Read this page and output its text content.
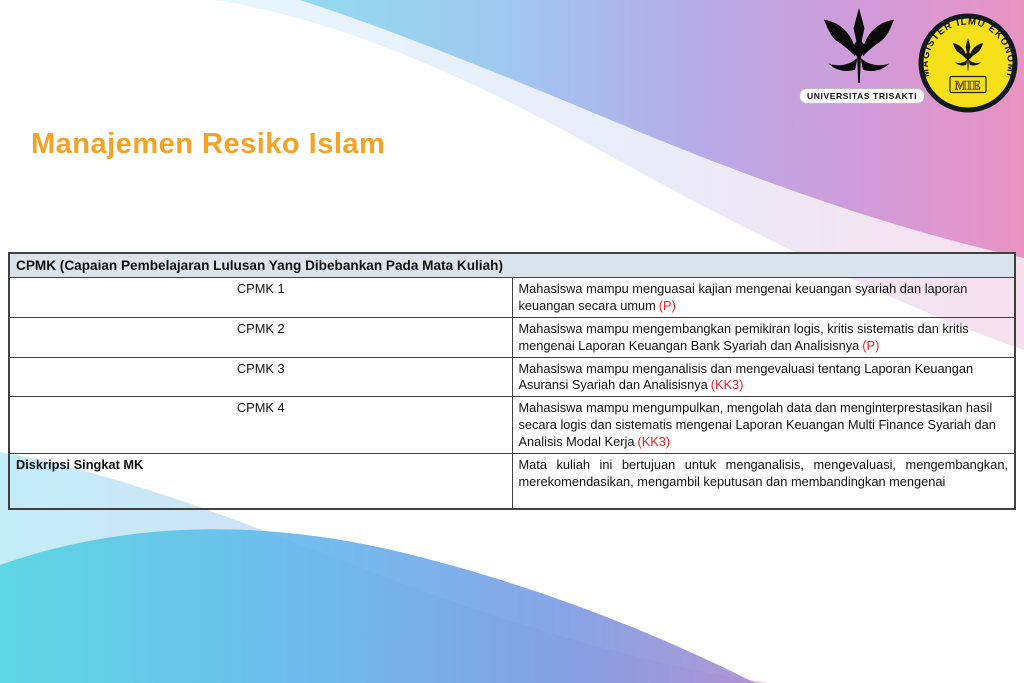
UNIVERSITAS TRISAKTI
MAGISTER ILMU EKONOMI
MIE
Manajemen Resiko Islam
CPMK (Capaian Pembelajaran Lulusan Yang Dibebankan Pada Mata Kuliah)	
CPMK 1	Mahasiswa mampu menguasai kajian mengenai keuangan syariah dan laporan keuangan secara umum (P)
CPMK 2	Mahasiswa mampu mengembangkan pemikiran logis, kritis sistematis dan kritis mengenai Laporan Keuangan Bank Syariah dan Analisisnya (P)
CPMK 3	Mahasiswa mampu menganalisis dan mengevaluasi tentang Laporan Keuangan Asuransi Syariah dan Analisisnya (KK3)
CPMK 4	Mahasiswa mampu mengumpulkan, mengolah data dan menginterprestasikan hasil secara logis dan sistematis mengenai Laporan Keuangan Multi Finance Syariah dan Analisis Modal Kerja (KK3)
Diskripsi Singkat MK	Mata kuliah ini bertujuan untuk menganalisis, mengevaluasi, mengembangkan, merekomendasikan, mengambil keputusan dan membandingkan mengenai
